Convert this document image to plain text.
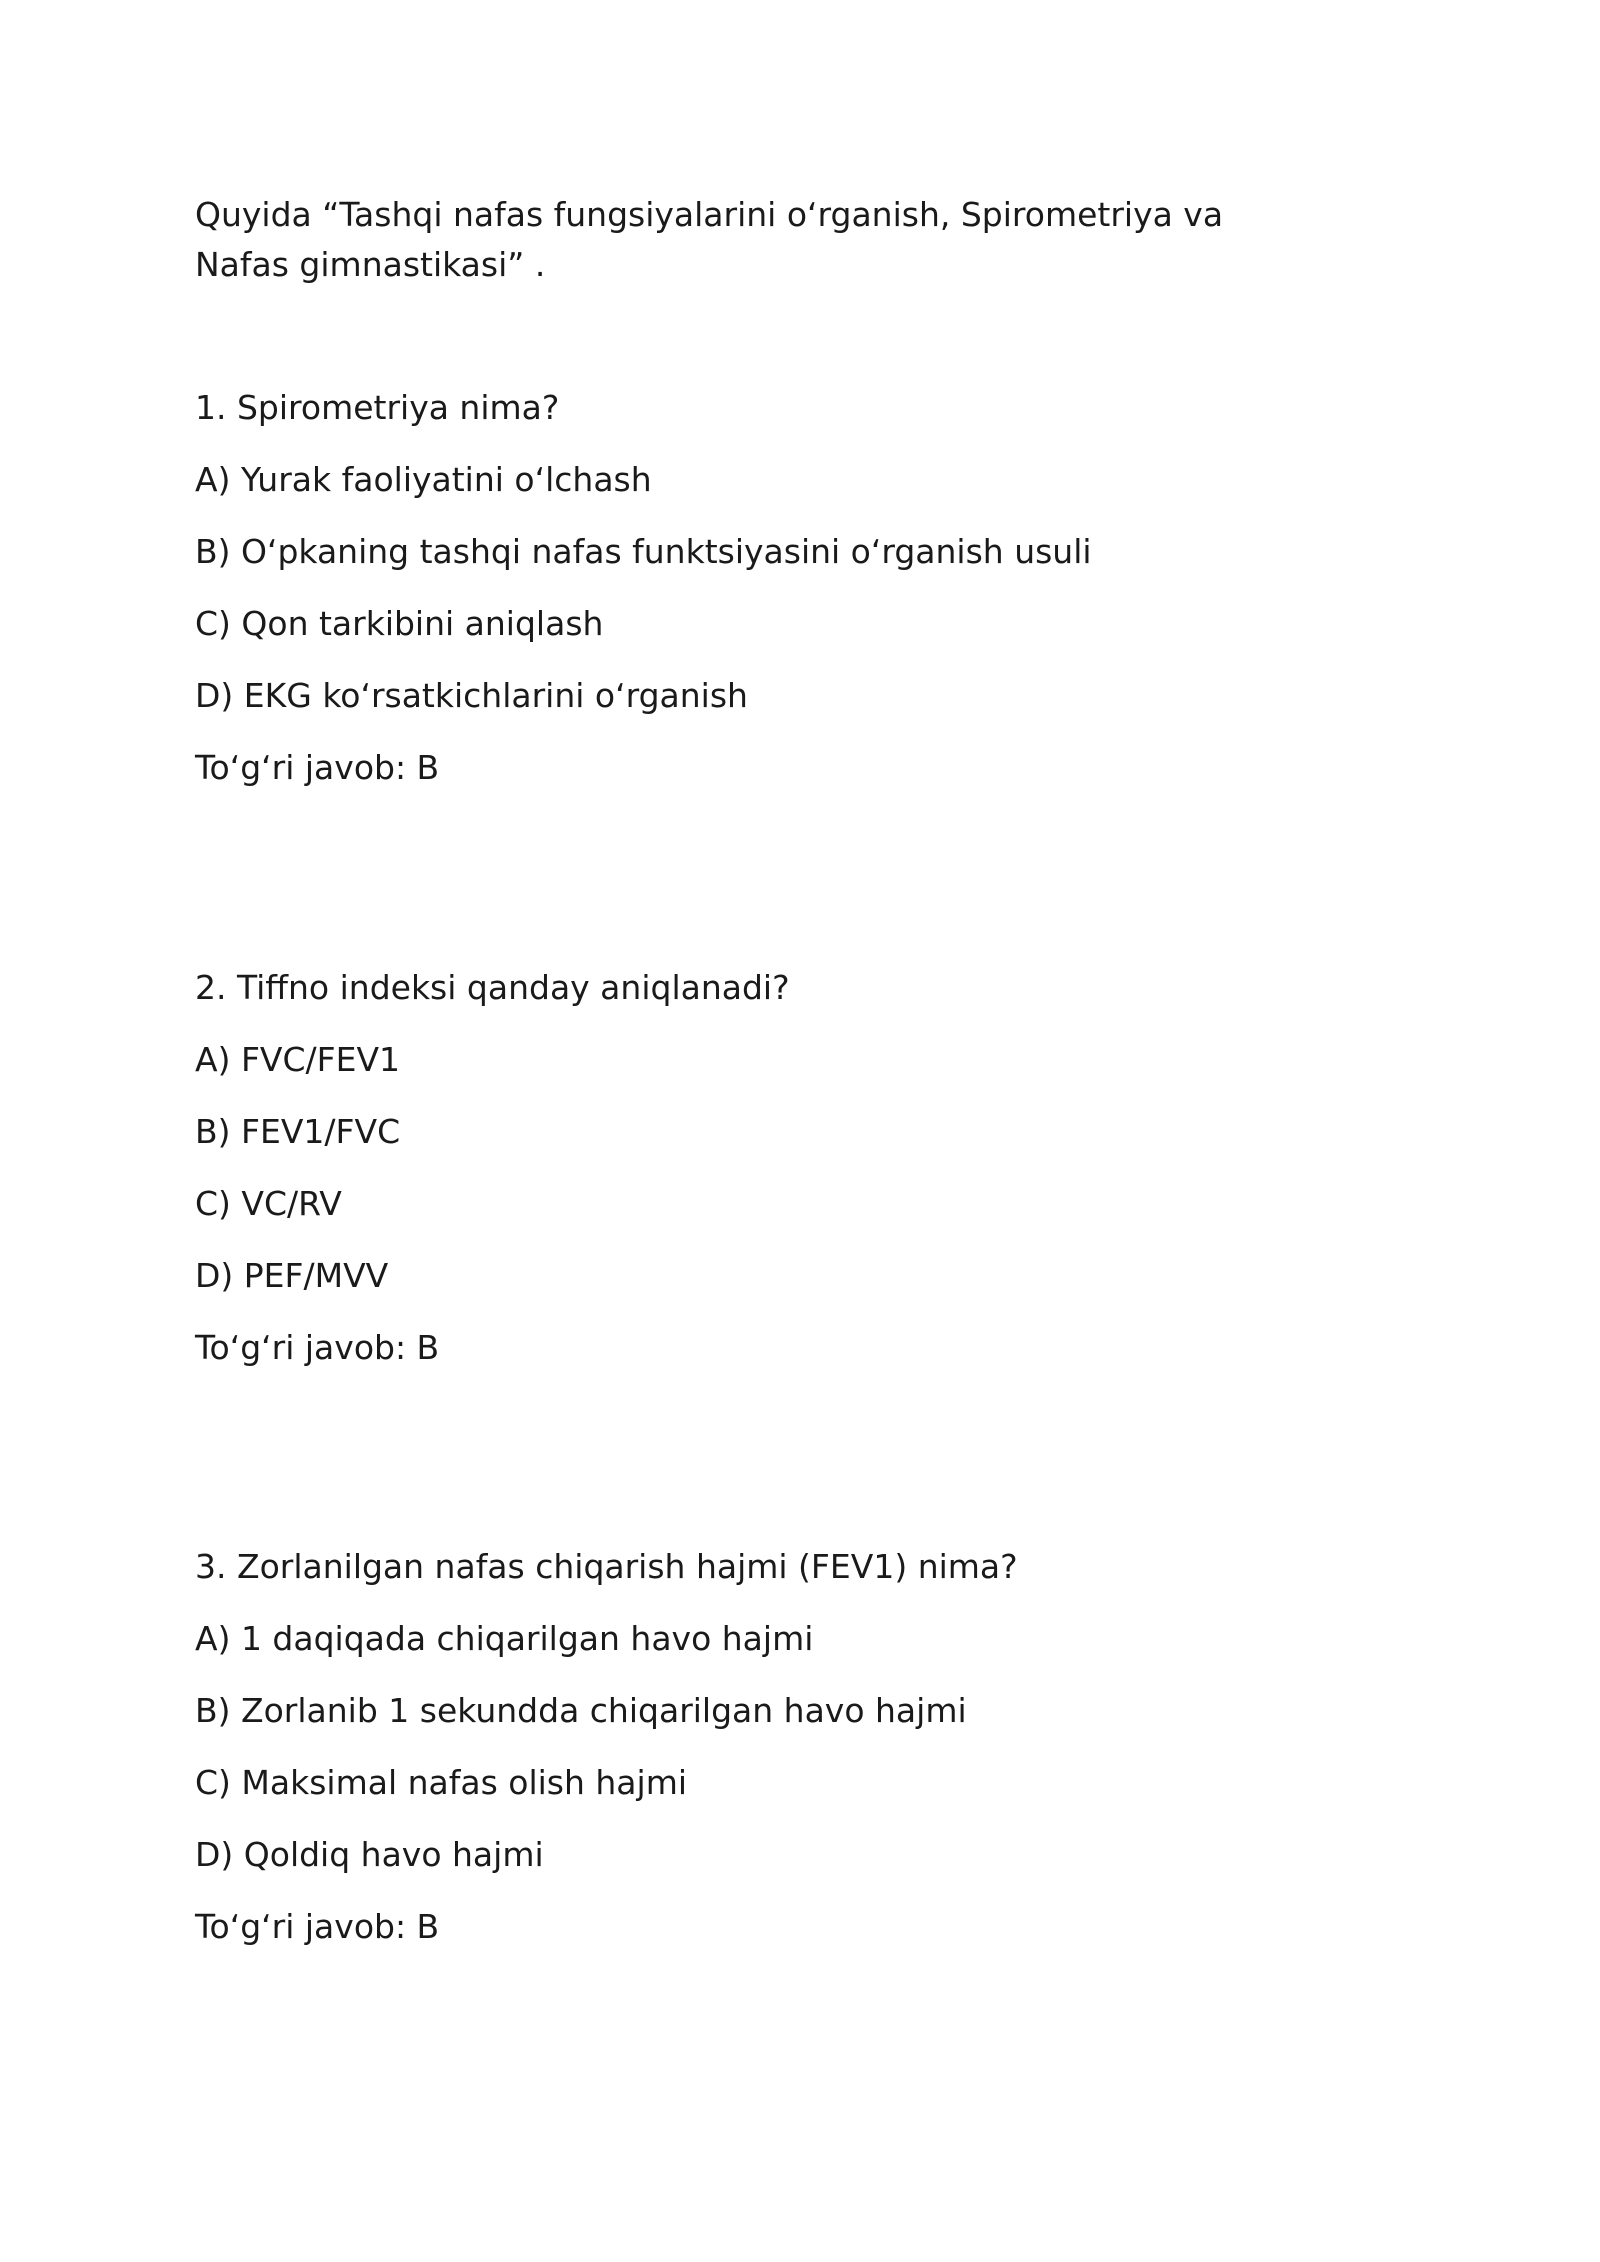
Quyida “Tashqi nafas fungsiyalarini o‘rganish, Spirometriya va Nafas gimnastikasi” .

1. Spirometriya nima?

A) Yurak faoliyatini o‘lchash

B) O‘pkaning tashqi nafas funktsiyasini o‘rganish usuli

C) Qon tarkibini aniqlash

D) EKG ko‘rsatkichlarini o‘rganish

To‘g‘ri javob: B

2. Tiffno indeksi qanday aniqlanadi?

A) FVC/FEV1

B) FEV1/FVC

C) VC/RV

D) PEF/MVV

To‘g‘ri javob: B

3. Zorlanilgan nafas chiqarish hajmi (FEV1) nima?

A) 1 daqiqada chiqarilgan havo hajmi

B) Zorlanib 1 sekundda chiqarilgan havo hajmi

C) Maksimal nafas olish hajmi

D) Qoldiq havo hajmi

To‘g‘ri javob: B
